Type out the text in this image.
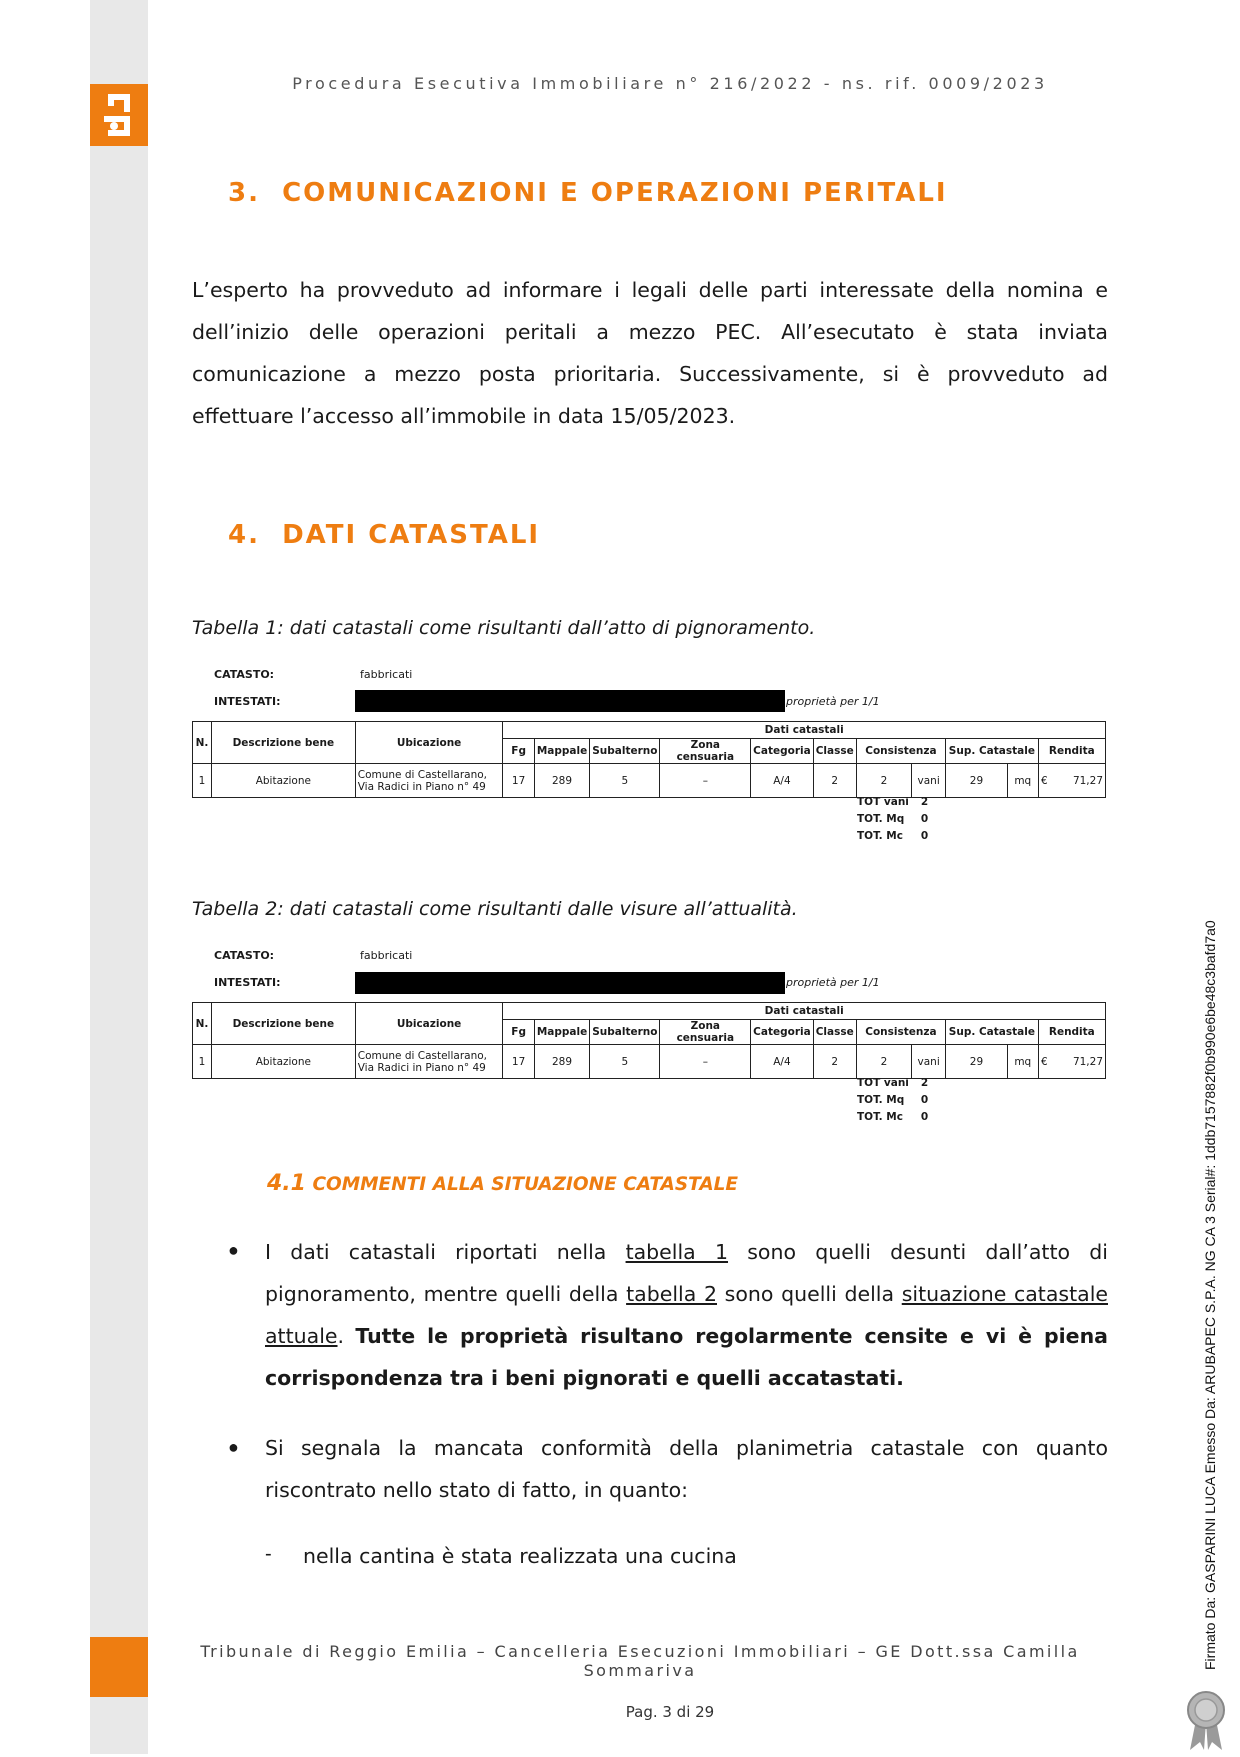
Procedura Esecutiva Immobiliare n° 216/2022 - ns. rif. 0009/2023
3. COMUNICAZIONI E OPERAZIONI PERITALI
L’esperto ha provveduto ad informare i legali delle parti interessate della nomina e dell’inizio delle operazioni peritali a mezzo PEC. All’esecutato è stata inviata comunicazione a mezzo posta prioritaria. Successivamente, si è provveduto ad effettuare l’accesso all’immobile in data 15/05/2023.
4. DATI CATASTALI
Tabella 1: dati catastali come risultanti dall’atto di pignoramento.
CATASTO:	fabbricati
INTESTATI:	proprietà per 1/1
N.	Descrizione bene	Ubicazione	Dati catastali											
			Fg	Mappale	Subalterno	Zona censuaria	Categoria	Classe	Consistenza		Sup. Catastale		Rendita	
1	Abitazione	Comune di Castellarano,
Via Radici in Piano n° 49	17	289	5	–	A/4	2	2	vani	29	mq	€	71,27
TOT vani	2
TOT. Mq	0
TOT. Mc	0
Tabella 2: dati catastali come risultanti dalle visure all’attualità.
CATASTO:	fabbricati
INTESTATI:	proprietà per 1/1
N.	Descrizione bene	Ubicazione	Dati catastali											
			Fg	Mappale	Subalterno	Zona censuaria	Categoria	Classe	Consistenza		Sup. Catastale		Rendita	
1	Abitazione	Comune di Castellarano,
Via Radici in Piano n° 49	17	289	5	–	A/4	2	2	vani	29	mq	€	71,27
TOT vani	2
TOT. Mq	0
TOT. Mc	0
4.1 COMMENTI ALLA SITUAZIONE CATASTALE
● I dati catastali riportati nella tabella 1 sono quelli desunti dall’atto di pignoramento, mentre quelli della tabella 2 sono quelli della situazione catastale attuale. Tutte le proprietà risultano regolarmente censite e vi è piena corrispondenza tra i beni pignorati e quelli accatastati.
● Si segnala la mancata conformità della planimetria catastale con quanto riscontrato nello stato di fatto, in quanto:
- nella cantina è stata realizzata una cucina
Tribunale di Reggio Emilia – Cancelleria Esecuzioni Immobiliari – GE Dott.ssa Camilla Sommariva
Pag. 3 di 29
Firmato Da: GASPARINI LUCA Emesso Da: ARUBAPEC S.P.A. NG CA 3 Serial#: 1ddb7157882f0b990e6be48c3bafd7a0
